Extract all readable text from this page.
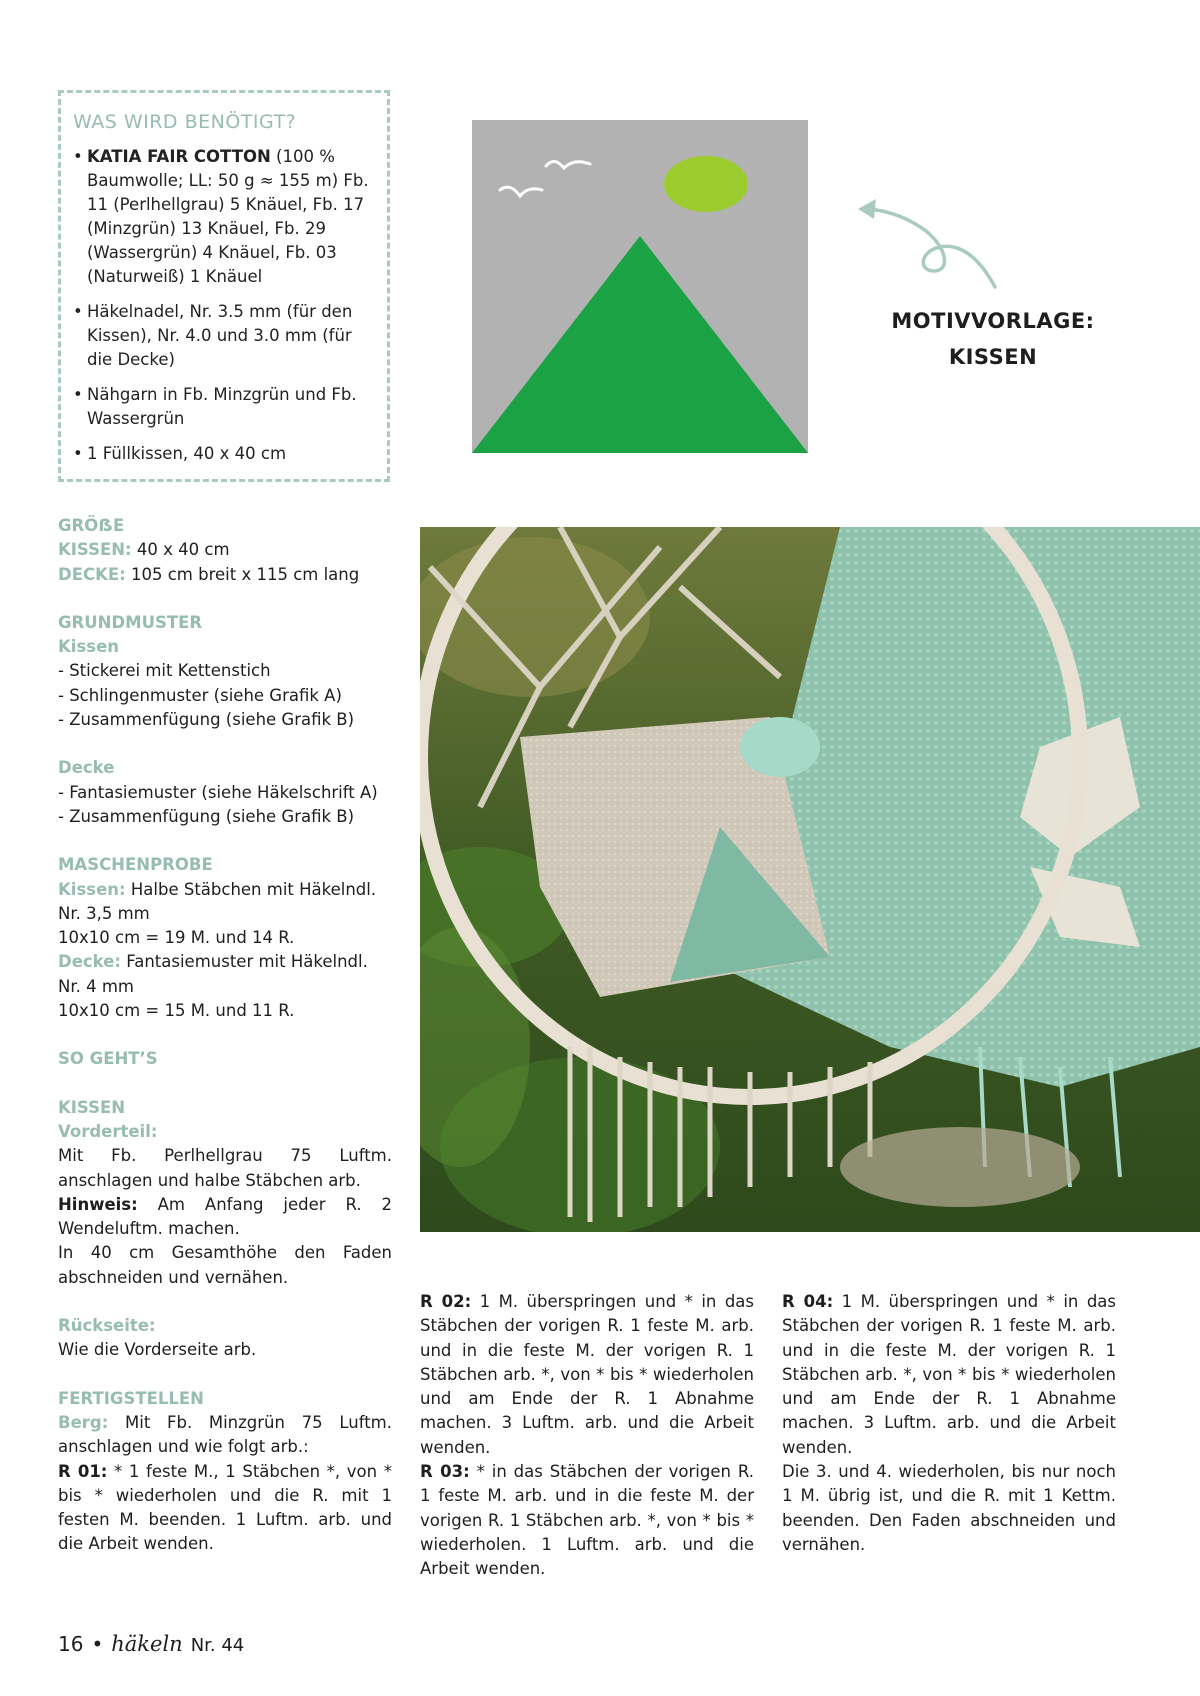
WAS WIRD BENÖTIGT?
• KATIA FAIR COTTON (100 % Baumwolle; LL: 50 g ≈ 155 m) Fb. 11 (Perlhellgrau) 5 Knäuel, Fb. 17 (Minzgrün) 13 Knäuel, Fb. 29 (Wassergrün) 4 Knäuel, Fb. 03 (Naturweiß) 1 Knäuel
• Häkelnadel, Nr. 3.5 mm (für den Kissen), Nr. 4.0 und 3.0 mm (für die Decke)
• Nähgarn in Fb. Minzgrün und Fb. Wassergrün
• 1 Füllkissen, 40 x 40 cm
MOTIVVORLAGE:
KISSEN

GRÖẞE

KISSEN: 40 x 40 cm

DECKE: 105 cm breit x 115 cm lang

GRUNDMUSTER

Kissen

- Stickerei mit Kettenstich

- Schlingenmuster (siehe Grafik A)

- Zusammenfügung (siehe Grafik B)

Decke

- Fantasiemuster (siehe Häkelschrift A)

- Zusammenfügung (siehe Grafik B)

MASCHENPROBE

Kissen: Halbe Stäbchen mit Häkelndl. Nr. 3,5 mm

10x10 cm = 19 M. und 14 R.

Decke: Fantasiemuster mit Häkelndl. Nr. 4 mm

10x10 cm = 15 M. und 11 R.

SO GEHT’S

KISSEN

Vorderteil:

Mit Fb. Perlhellgrau 75 Luftm. anschlagen und halbe Stäbchen arb.

Hinweis: Am Anfang jeder R. 2 Wendeluftm. machen.

In 40 cm Gesamthöhe den Faden abschneiden und vernähen.

Rückseite:

Wie die Vorderseite arb.

FERTIGSTELLEN

Berg: Mit Fb. Minzgrün 75 Luftm. anschlagen und wie folgt arb.:

R 01: * 1 feste M., 1 Stäbchen *, von * bis * wiederholen und die R. mit 1 festen M. beenden. 1 Luftm. arb. und die Arbeit wenden.

R 02: 1 M. überspringen und * in das Stäbchen der vorigen R. 1 feste M. arb. und in die feste M. der vorigen R. 1 Stäbchen arb. *, von * bis * wiederholen und am Ende der R. 1 Abnahme machen. 3 Luftm. arb. und die Arbeit wenden.

R 03: * in das Stäbchen der vorigen R. 1 feste M. arb. und in die feste M. der vorigen R. 1 Stäbchen arb. *, von * bis * wiederholen. 1 Luftm. arb. und die Arbeit wenden.

R 04: 1 M. überspringen und * in das Stäbchen der vorigen R. 1 feste M. arb. und in die feste M. der vorigen R. 1 Stäbchen arb. *, von * bis * wiederholen und am Ende der R. 1 Abnahme machen. 3 Luftm. arb. und die Arbeit wenden.

Die 3. und 4. wiederholen, bis nur noch 1 M. übrig ist, und die R. mit 1 Kettm. beenden. Den Faden abschneiden und vernähen.

16 • häkeln Nr. 44
